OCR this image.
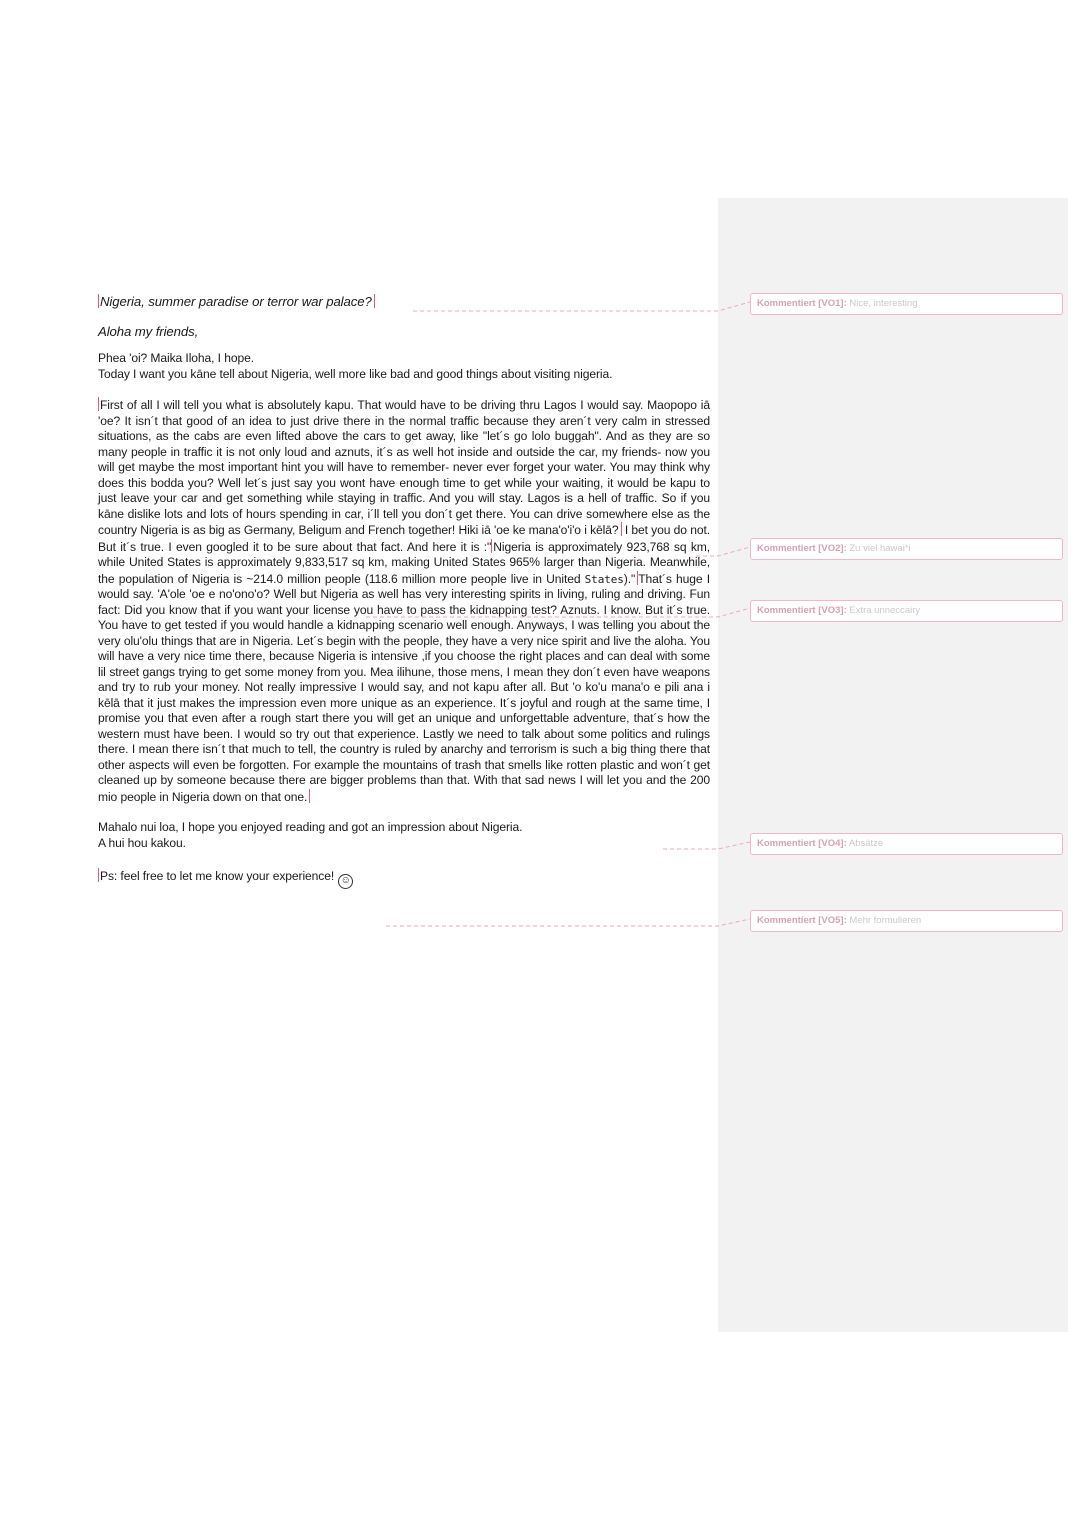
Nigeria, summer paradise or terror war palace?
Aloha my friends,
Phea 'oi? Maika Iloha, I hope.
Today I want you kāne tell about Nigeria, well more like bad and good things about visiting nigeria.
First of all I will tell you what is absolutely kapu. That would have to be driving thru Lagos I would say. Maopopo iā 'oe? It isn´t that good of an idea to just drive there in the normal traffic because they aren´t very calm in stressed situations, as the cabs are even lifted above the cars to get away, like "let´s go lolo buggah". And as they are so many people in traffic it is not only loud and aznuts, it´s as well hot inside and outside the car, my friends- now you will get maybe the most important hint you will have to remember- never ever forget your water. You may think why does this bodda you? Well let´s just say you wont have enough time to get while your waiting, it would be kapu to just leave your car and get something while staying in traffic. And you will stay. Lagos is a hell of traffic. So if you kāne dislike lots and lots of hours spending in car, i´ll tell you don´t get there. You can drive somewhere else as the country Nigeria is as big as Germany, Beligum and French together! Hiki iā 'oe ke mana'o'i'o i kēlā? I bet you do not. But it´s true. I even googled it to be sure about that fact. And here it is :" Nigeria is approximately 923,768 sq km, while United States is approximately 9,833,517 sq km, making United States 965% larger than Nigeria. Meanwhile, the population of Nigeria is ~214.0 million people (118.6 million more people live in United States)." That´s huge I would say. 'A'ole 'oe e no'ono'o? Well but Nigeria as well has very interesting spirits in living, ruling and driving. Fun fact: Did you know that if you want your license you have to pass the kidnapping test? Aznuts. I know. But it´s true. You have to get tested if you would handle a kidnapping scenario well enough. Anyways, I was telling you about the very olu'olu things that are in Nigeria. Let´s begin with the people, they have a very nice spirit and live the aloha. You will have a very nice time there, because Nigeria is intensive ,if you choose the right places and can deal with some lil street gangs trying to get some money from you. Mea ilihune, those mens, I mean they don´t even have weapons and try to rub your money. Not really impressive I would say, and not kapu after all. But 'o ko'u mana'o e pili ana i kēlā that it just makes the impression even more unique as an experience. It´s joyful and rough at the same time, I promise you that even after a rough start there you will get an unique and unforgettable adventure, that´s how the western must have been. I would so try out that experience. Lastly we need to talk about some politics and rulings there. I mean there isn´t that much to tell, the country is ruled by anarchy and terrorism is such a big thing there that other aspects will even be forgotten. For example the mountains of trash that smells like rotten plastic and won´t get cleaned up by someone because there are bigger problems than that. With that sad news I will let you and the 200 mio people in Nigeria down on that one.
Mahalo nui loa, I hope you enjoyed reading and got an impression about Nigeria.
A hui hou kakou.
Ps: feel free to let me know your experience! ☺
Kommentiert [VO1]: Nice, interesting
Kommentiert [VO2]: Zu viel hawai*i
Kommentiert [VO3]: Extra unneccairy
Kommentiert [VO4]: Absätze
Kommentiert [VO5]: Mehr formulieren
